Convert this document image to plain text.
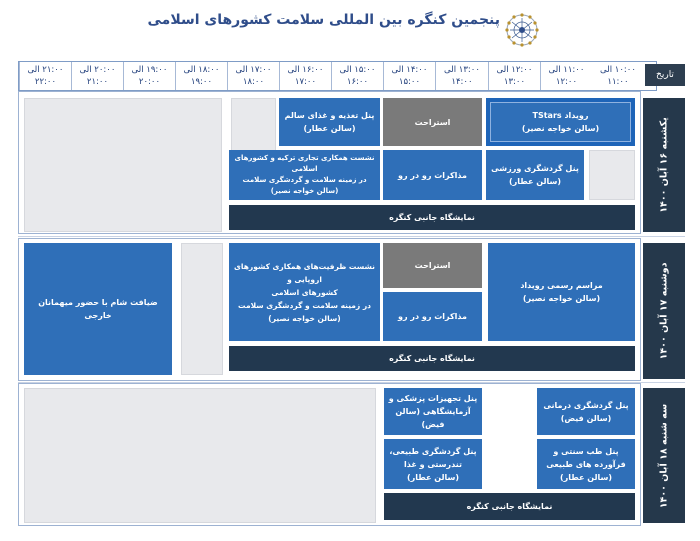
پنجمین کنگره بین المللی سلامت کشورهای اسلامی
تاریخ
۱۰:۰۰ الی
۱۱:۰۰
۱۱:۰۰ الی
۱۲:۰۰
۱۲:۰۰ الی
۱۳:۰۰
۱۳:۰۰ الی
۱۴:۰۰
۱۴:۰۰ الی
۱۵:۰۰
۱۵:۰۰ الی
۱۶:۰۰
۱۶:۰۰ الی
۱۷:۰۰
۱۷:۰۰ الی
۱۸:۰۰
۱۸:۰۰ الی
۱۹:۰۰
۱۹:۰۰ الی
۲۰:۰۰
۲۰:۰۰ الی
۲۱:۰۰
۲۱:۰۰ الی
۲۲:۰۰
یکشنبه ۱۶ آبان ۱۴۰۰
رویداد TStars
(سالن خواجه نصیر)
استراحت
پنل تغذیه و غذای سالم
(سالن عطار)
پنل گردشگری ورزشی
(سالن عطار)
مذاکرات رو در رو
نشست همکاری تجاری ترکیه و کشورهای اسلامی
در زمینه سلامت و گردشگری سلامت
(سالن خواجه نصیر)
نمایشگاه جانبی کنگره
دوشنبه ۱۷ آبان ۱۴۰۰
مراسم رسمی رویداد
(سالن خواجه نصیر)
استراحت
مذاکرات رو در رو
نشست ظرفیت‌های همکاری کشورهای اروپایی و
کشورهای اسلامی
در زمینه سلامت و گردشگری سلامت
(سالن خواجه نصیر)
ضیافت شام با حضور میهمانان خارجی
نمایشگاه جانبی کنگره
سه شنبه ۱۸ آبان ۱۴۰۰
پنل گردشگری درمانی
(سالن فیض)
پنل تجهیزات پزشکی و
آزمایشگاهی (سالن فیض)
پنل طب سنتی و
فرآورده های طبیعی
(سالن عطار)
پنل گردشگری طبیعی،
تندرستی و غذا
(سالن عطار)
نمایشگاه جانبی کنگره
